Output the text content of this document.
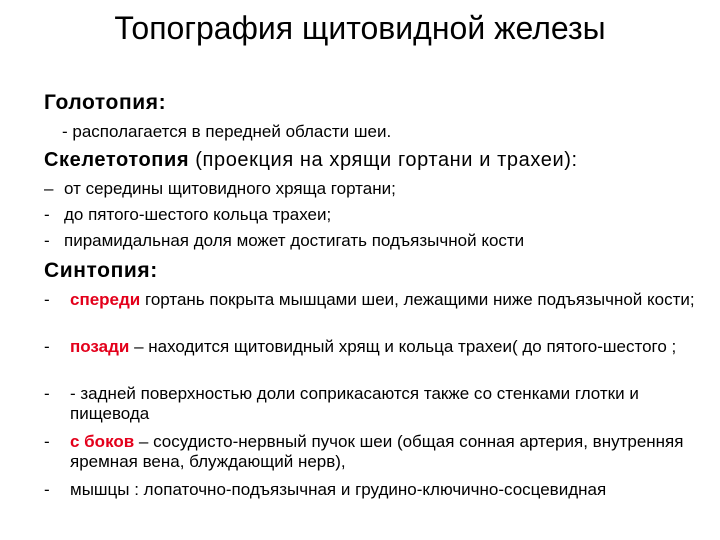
Топография щитовидной железы
Голотопия:
- располагается в передней области шеи.
Скелетотопия (проекция на хрящи гортани и трахеи):
– от середины щитовидного хряща гортани;
- до пятого-шестого кольца трахеи;
- пирамидальная доля может достигать подъязычной кости
Синтопия:
-	спереди гортань покрыта мышцами шеи, лежащими ниже подъязычной кости;
-	позади – находится щитовидный хрящ и кольца трахеи( до пятого-шестого ;
-	- задней поверхностью доли соприкасаются также со стенками глотки и пищевода
-	с боков – сосудисто-нервный пучок шеи (общая сонная артерия, внутренняя яремная вена, блуждающий нерв),
-	мышцы : лопаточно-подъязычная и грудино-ключично-сосцевидная
